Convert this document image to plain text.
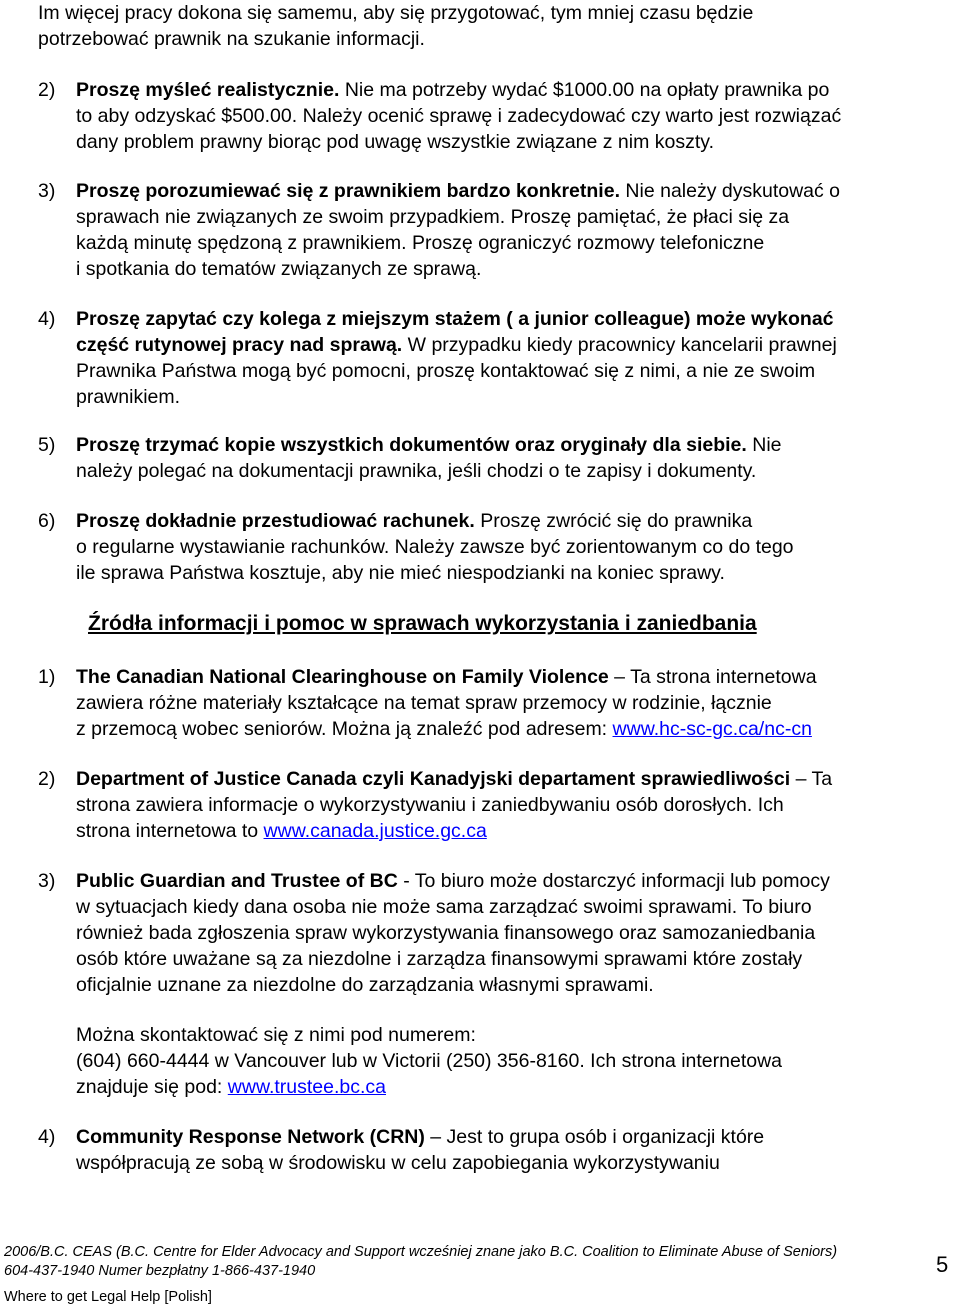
Im więcej pracy dokona się samemu, aby się przygotować, tym mniej czasu będzie
potrzebować prawnik na szukanie informacji.
2) Proszę myśleć realistycznie. Nie ma potrzeby wydać $1000.00 na opłaty prawnika po
to aby odzyskać $500.00. Należy ocenić sprawę i zadecydować czy warto jest rozwiązać
dany problem prawny biorąc pod uwagę wszystkie związane z nim koszty.
3) Proszę porozumiewać się z prawnikiem bardzo konkretnie. Nie należy dyskutować o
sprawach nie związanych ze swoim przypadkiem. Proszę pamiętać, że płaci się za
każdą minutę spędzoną z prawnikiem. Proszę ograniczyć rozmowy telefoniczne
i spotkania do tematów związanych ze sprawą.
4) Proszę zapytać czy kolega z miejszym stażem ( a junior colleague) może wykonać
część rutynowej pracy nad sprawą. W przypadku kiedy pracownicy kancelarii prawnej
Prawnika Państwa mogą być pomocni, proszę kontaktować się z nimi, a nie ze swoim
prawnikiem.
5) Proszę trzymać kopie wszystkich dokumentów oraz oryginały dla siebie. Nie
należy polegać na dokumentacji prawnika, jeśli chodzi o te zapisy i dokumenty.
6) Proszę dokładnie przestudiować rachunek. Proszę zwrócić się do prawnika
o regularne wystawianie rachunków. Należy zawsze być zorientowanym co do tego
ile sprawa Państwa kosztuje, aby nie mieć niespodzianki na koniec sprawy.
Źródła informacji i pomoc w sprawach wykorzystania i zaniedbania
1) The Canadian National Clearinghouse on Family Violence – Ta strona internetowa
zawiera różne materiały kształcące na temat spraw przemocy w rodzinie, łącznie
z przemocą wobec seniorów. Można ją znaleźć pod adresem: www.hc-sc-gc.ca/nc-cn
2) Department of Justice Canada czyli Kanadyjski departament sprawiedliwości – Ta
strona zawiera informacje o wykorzystywaniu i zaniedbywaniu osób dorosłych. Ich
strona internetowa to www.canada.justice.gc.ca
3) Public Guardian and Trustee of BC - To biuro może dostarczyć informacji lub pomocy
w sytuacjach kiedy dana osoba nie może sama zarządzać swoimi sprawami. To biuro
również bada zgłoszenia spraw wykorzystywania finansowego oraz samozaniedbania
osób które uważane są za niezdolne i zarządza finansowymi sprawami które zostały
oficjalnie uznane za niezdolne do zarządzania własnymi sprawami.
Można skontaktować się z nimi pod numerem:
(604) 660-4444 w Vancouver lub w Victorii (250) 356-8160. Ich strona internetowa
znajduje się pod: www.trustee.bc.ca
4) Community Response Network (CRN) – Jest to grupa osób i organizacji które
współpracują ze sobą w środowisku w celu zapobiegania wykorzystywaniu
2006/B.C. CEAS (B.C. Centre for Elder Advocacy and Support wcześniej znane jako B.C. Coalition to Eliminate Abuse of Seniors)
604-437-1940 Numer bezpłatny 1-866-437-1940
Where to get Legal Help [Polish]
5
